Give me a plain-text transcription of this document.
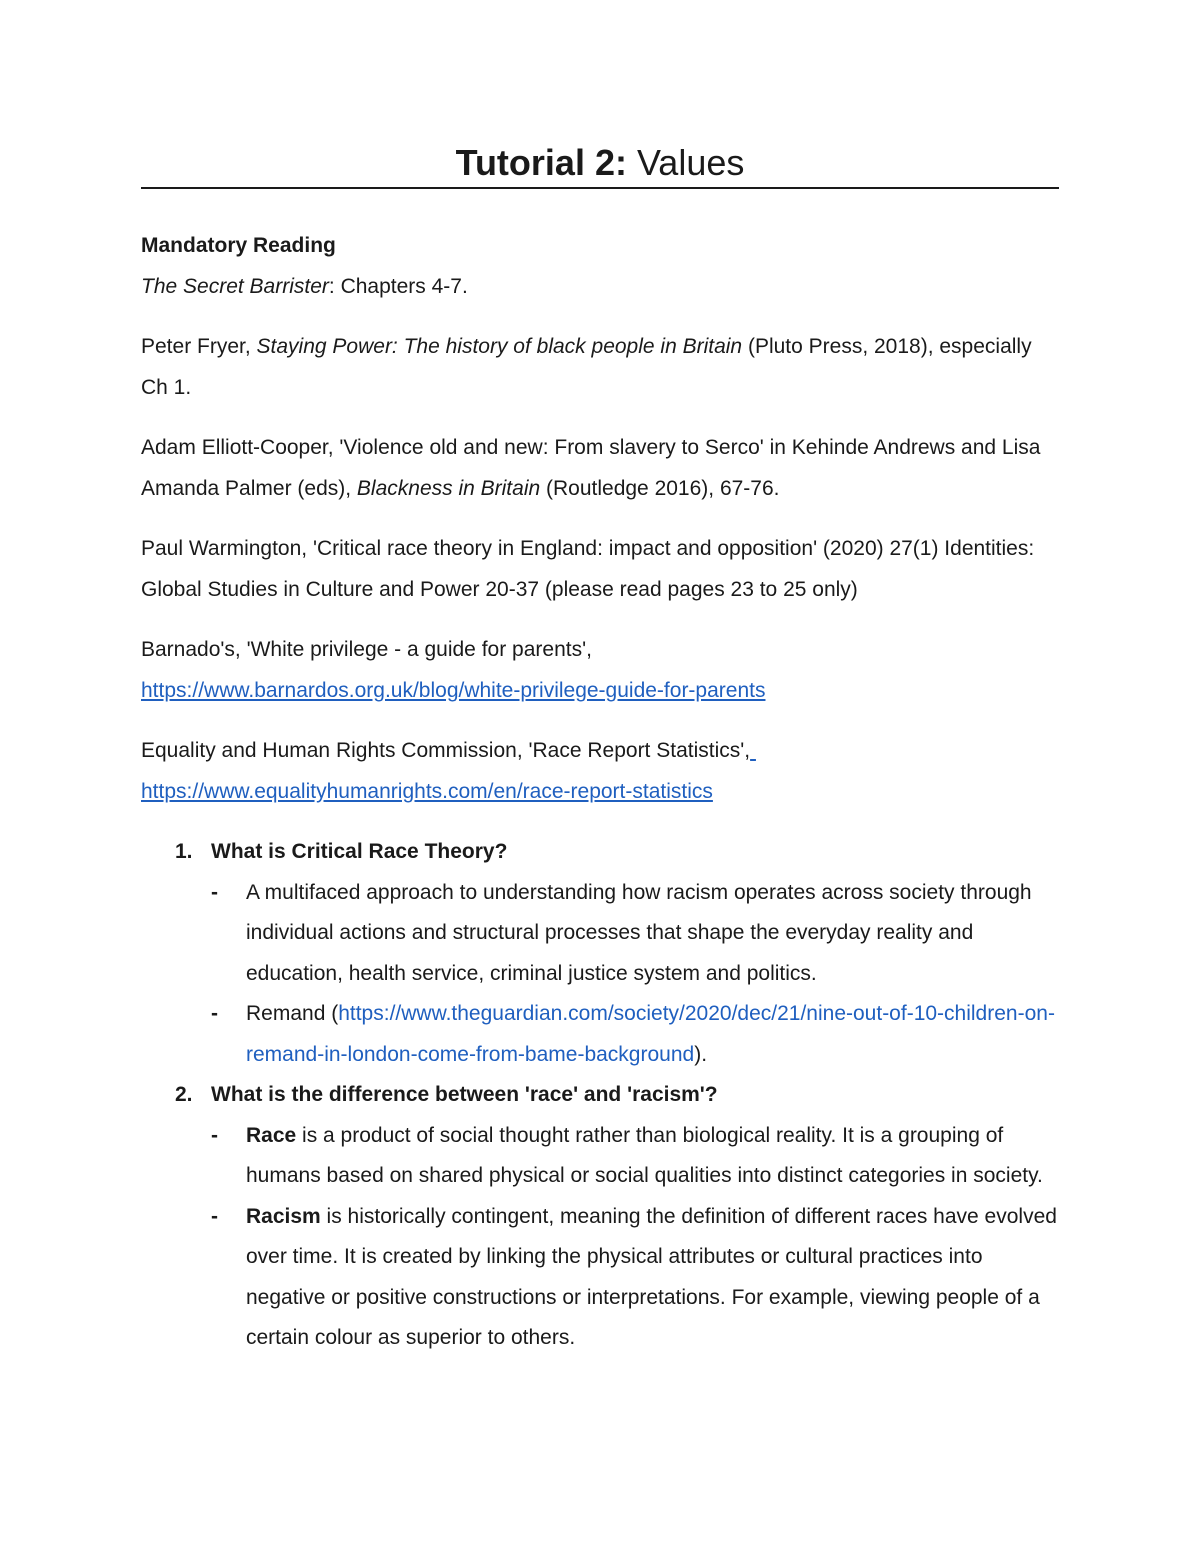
Tutorial 2: Values

Mandatory Reading

The Secret Barrister: Chapters 4-7.

Peter Fryer, Staying Power: The history of black people in Britain (Pluto Press, 2018), especially Ch 1.

Adam Elliott-Cooper, 'Violence old and new: From slavery to Serco' in Kehinde Andrews and Lisa Amanda Palmer (eds), Blackness in Britain (Routledge 2016), 67-76.

Paul Warmington, 'Critical race theory in England: impact and opposition' (2020) 27(1) Identities: Global Studies in Culture and Power 20-37 (please read pages 23 to 25 only)

Barnado's, 'White privilege - a guide for parents',
https://www.barnardos.org.uk/blog/white-privilege-guide-for-parents

Equality and Human Rights Commission, 'Race Report Statistics',
https://www.equalityhumanrights.com/en/race-report-statistics

1. What is Critical Race Theory?
- A multifaced approach to understanding how racism operates across society through individual actions and structural processes that shape the everyday reality and education, health service, criminal justice system and politics.
- Remand (https://www.theguardian.com/society/2020/dec/21/nine-out-of-10-children-on-remand-in-london-come-from-bame-background).
2. What is the difference between 'race' and 'racism'?
- Race is a product of social thought rather than biological reality. It is a grouping of humans based on shared physical or social qualities into distinct categories in society.
- Racism is historically contingent, meaning the definition of different races have evolved over time. It is created by linking the physical attributes or cultural practices into negative or positive constructions or interpretations. For example, viewing people of a certain colour as superior to others.
